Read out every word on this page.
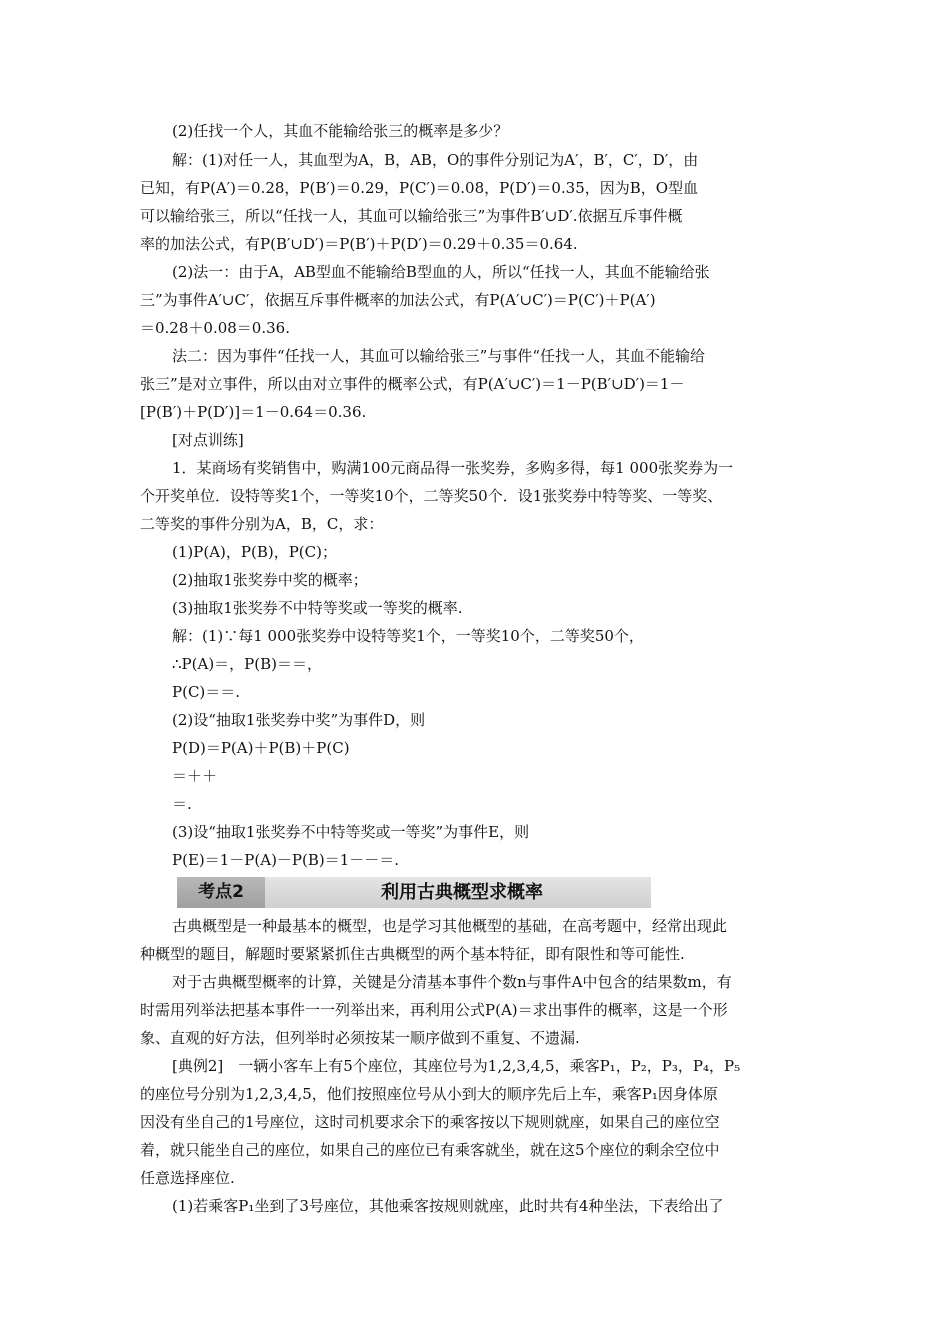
(2)任找一个人，其血不能输给张三的概率是多少？
解：(1)对任一人，其血型为A，B，AB，O的事件分别记为A′，B′，C′，D′，由
已知，有P(A′)＝0.28，P(B′)＝0.29，P(C′)＝0.08，P(D′)＝0.35，因为B，O型血
可以输给张三，所以“任找一人，其血可以输给张三”为事件B′∪D′.依据互斥事件概
率的加法公式，有P(B′∪D′)＝P(B′)＋P(D′)＝0.29＋0.35＝0.64.
(2)法一：由于A，AB型血不能输给B型血的人，所以“任找一人，其血不能输给张
三”为事件A′∪C′，依据互斥事件概率的加法公式，有P(A′∪C′)＝P(C′)＋P(A′)
＝0.28＋0.08＝0.36.
法二：因为事件“任找一人，其血可以输给张三”与事件“任找一人，其血不能输给
张三”是对立事件，所以由对立事件的概率公式，有P(A′∪C′)＝1－P(B′∪D′)＝1－
[P(B′)＋P(D′)]＝1－0.64＝0.36.
[对点训练]
1．某商场有奖销售中，购满100元商品得一张奖券，多购多得，每1 000张奖券为一
个开奖单位．设特等奖1个，一等奖10个，二等奖50个．设1张奖券中特等奖、一等奖、
二等奖的事件分别为A，B，C，求：
(1)P(A)，P(B)，P(C)；
(2)抽取1张奖券中奖的概率；
(3)抽取1张奖券不中特等奖或一等奖的概率.
解：(1)∵每1 000张奖券中设特等奖1个，一等奖10个，二等奖50个，
∴P(A)＝，P(B)＝＝，
P(C)＝＝.
(2)设“抽取1张奖券中奖”为事件D，则
P(D)＝P(A)＋P(B)＋P(C)
＝＋＋
＝.
(3)设“抽取1张奖券不中特等奖或一等奖”为事件E，则
P(E)＝1－P(A)－P(B)＝1－－＝.
考点2	利用古典概型求概率
古典概型是一种最基本的概型，也是学习其他概型的基础，在高考题中，经常出现此
种概型的题目，解题时要紧紧抓住古典概型的两个基本特征，即有限性和等可能性.
对于古典概型概率的计算，关键是分清基本事件个数n与事件A中包含的结果数m，有
时需用列举法把基本事件一一列举出来，再利用公式P(A)＝求出事件的概率，这是一个形
象、直观的好方法，但列举时必须按某一顺序做到不重复、不遗漏.
[典例2]　一辆小客车上有5个座位，其座位号为1,2,3,4,5，乘客P₁，P₂，P₃，P₄，P₅
的座位号分别为1,2,3,4,5，他们按照座位号从小到大的顺序先后上车，乘客P₁因身体原
因没有坐自己的1号座位，这时司机要求余下的乘客按以下规则就座，如果自己的座位空
着，就只能坐自己的座位，如果自己的座位已有乘客就坐，就在这5个座位的剩余空位中
任意选择座位.
(1)若乘客P₁坐到了3号座位，其他乘客按规则就座，此时共有4种坐法，下表给出了
